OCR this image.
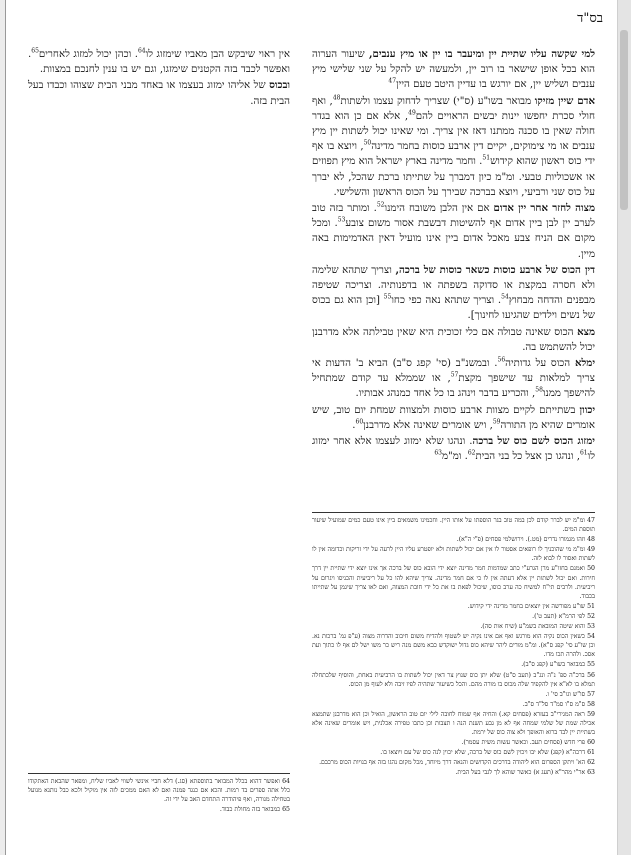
בס"ד

למי שקשה עליו שתיית יין ומיעבר בו יין או מיץ ענבים, שיעור הערוה הוא בכל אופן שישאר בו רוב יין, ולמעשה יש להקל על שני שלישי מיץ ענבים ושליש יין, אם יורגש בו עדיין היטב טעם היין$^{47}$

אדם שיין מזיקו מבואר בשו"ע (ס"י) שצריך לדחוק עצמו ולשתות$^{48}$, ואף חולי סכרת יחפשו יינות יבשים הראויים להם$^{49}$, אלא אם כן הוא בגדר חולה שאין בו סכנה ממתנו דאז אין צריך. ומי שאינו יכול לשתות יין מיץ ענבים או מי צימוקים, יקיים דין ארבע כוסות בחמר מדינה$^{50}$, ויוצא בו אף ידי כוס ראשון שהוא קידוש$^{51}$. וחמר מדינה בארץ ישראל הוא מיץ תפוזים או אשכוליות טבעי. ומ"מ כיון דמברך על שתייתו ברכת שהכל, לא יברך על כוס שני ורביעי, ויוצא בברכה שבירך על הכוס הראשון והשלישי.

מצוה לחזר אחר יין אדום אם אין הלבן משובח הימנו$^{52}$. ומותר בזה טוב לערב יין לבן ביין אדום אף להשיטות דבשבת אסור משום צובע$^{53}$. ומכל מקום אם הניח צבע מאכל אדום ביין אינו מועיל דאין האדמימות באה מיין.

דין הכוס של ארבע כוסות כשאר כוסות של ברכה, וצריך שתהא שלימה ולא חסרה במקצת או סדוקה בשפתה או בדפנותיה. וצריכה שטיפה מבפנים והדחה מבחוץ$^{54}$. וצריך שתהא נאה כפי כחו$^{55}$ [וכן הוא גם בכוס של נשים וילדים שהגיעו לחינוך].

מצא הכוס שאינה טבולה אם כלי זכוכית היא שאין טבילתה אלא מדרבנן יכול להשתמש בה.

ימלא הכוס על גדותיה$^{56}$. ובמשנ"ב (סי' קפג ס"ב) הביא ב' הדעות אי צריך למלאות עד שישפך מקצת$^{57}$, או שממלא עד קודם שמתחיל להישפך ממנו$^{58}$, והכריע בדבר וינהג בו כל אחד כמנהג אבותיו.

יכוון בשתייתם לקיים מצוות ארבע כוסות ולמצוות שמחת יום טוב, שיש אומרים שהיא מן התורה$^{59}$, ויש אומרים שאינה אלא מדרבנן$^{60}$.

ימזוג הכוס לשם כוס של ברכה. ונהגו שלא ימזוג לעצמו אלא אחר ימזוג לו$^{61}$, ונהגו כן אצל כל בני הבית$^{62}$. ומ"מ$^{63}$

אין ראוי שיבקש הבן מאביו שימזוג לו$^{64}$. וכהן יכול למזוג לאחרים$^{65}$. ואפשר לכבד בזה הקטנים שימזגו, וגם יש בו ענין לחנכם במצוות.

ובכוס של אליהו ימזוג בעצמו או באחד מבני הבית שצוהו וכבדו בעל הבית בזה.

47 ומ"מ יש לברר קודם לכן במה טוב בגר הוספתו על אותו היין. וחכמינו משמאים ביין אינו טעם כמים שמועיל שיעור תוספת המים.

48 וזהו מגמורו נדרים (מט.). וירושלמי פסחים (פ"י ה"א).

49 ומ"מ מי שהוכניך לו רופאים אסטור לו אין אם יכול לשתות ולא יופטרע עליו היין לרעה על ידי זריקות וכדומה אין לו לשתות ואסור לו לבוא לזה.

50 ואמנם בחזו"ע מרן הגרע"י כתב שמדמות חמר מדינה יוצא ידי הובא כוס של ברכה אך אינו יוצא ידי שתיית יין דרך חירות. ואם יכול לשתות יין אלא דעתה אין לו כי אם חמר מדינה. צריך שיהא להו כל על ריביעית והכניסו ויגרום על ריביעית. ולרבים תי"ח למשיח כה ערב כוסו, שיכול לפאת בו את כל ידי חובת המצוה, ואם לאו צריך שיגמן על שתייתו בכבוד.

51 שו"ע מפורשה אין יוצאים בחמר מדינה ידי קידוש.

52 לפי הרמ"א (תעב ט').

53 והוא שיטה המובאת בשמ"ע (שיח אות סה).

54 כשאין הכוס נקיה הוא מורגש ואף אם אינו נקיה יש לשטוף ולהדיח משום חיבוב והדרוה מצוה (ע"פ גמ' ברכות נא. וכן שו"ע סי' קפג ס"א). ומ"מ מורים ליהר שיהא כוס גדול ישוקדש כבא משם מנה ריש כר משו ישל לם אף לו כתוך ועת אסכ. ולהרה תכו מדו.

55 כמבואר בשו"ע (קפג ס"ב).

56 ברכ"ה ספ' נ"ה ונג"ב (תעב ס"ט) שלא יתן כוס שנוץ צר דאין יכול לשתות בו הרביעית באחת, והוסיף שלכתחלה תמלא בו לא"א אין להקפיד שלה מכוס בו מורה מהם. והכל כשיעור שתהיה לפיו זיבה ולא לעוף מן הכוס.

57 סו"ש וגו"ב סי' ו.

58 ס"מ ס"ו סמ"ד סל"ד ס"ב.

59 ראה המגירי"ב בעזרא (פסחים קא.) והחיה אף שמוח לחובה לילי יום טוב הראשון, הואיל וכן הוא מדרבנן שתמצא אכילה שמת של שלמי שמחה אף לא מן גבע תשנת הנה ו תצבות וכן כתבו טפירה אכלנית, ויש אומרים שאינה אלא בשתיית יין לבד ברוא והאופך ולא צוה כוס של ירמת.

60 פרי חדש (פסחים תעב. וכאשר עשות משית עסמר).

61 דרכה"א (קפג) שלא יבו ויכוין לשם כוס של ברכה, שלא יכוין לנה כוס של עם ויוצאו בו.

62 הא' ויתקן הספרום הוא ליהודה בדרכים הקדושים והנאה דרך מיוחד, מכל מקום נהגו בזה אף בנויות הכוס מרכבם.

63 אר"י מהר"א (תעג א) כאשר שוהא לך לגבי בעל הבית.

64 ואפשר דהוא בכלל המבואר בתוספתא (סג.) דלא חביי אינשי לשווי לאביו שליח, ומפאר שהבאת האתקודו כלל אתה ספרים בד רמות. והכא אם כנגד פמנה ואם לא האם ממכים לזה אין מוקיל ולכא כבל נותנא מנועל בטחילה מנורה, ואף פיהודרה התחדם האב על ידי זה.

65 כמבואר בזה מחולת כבוד.
